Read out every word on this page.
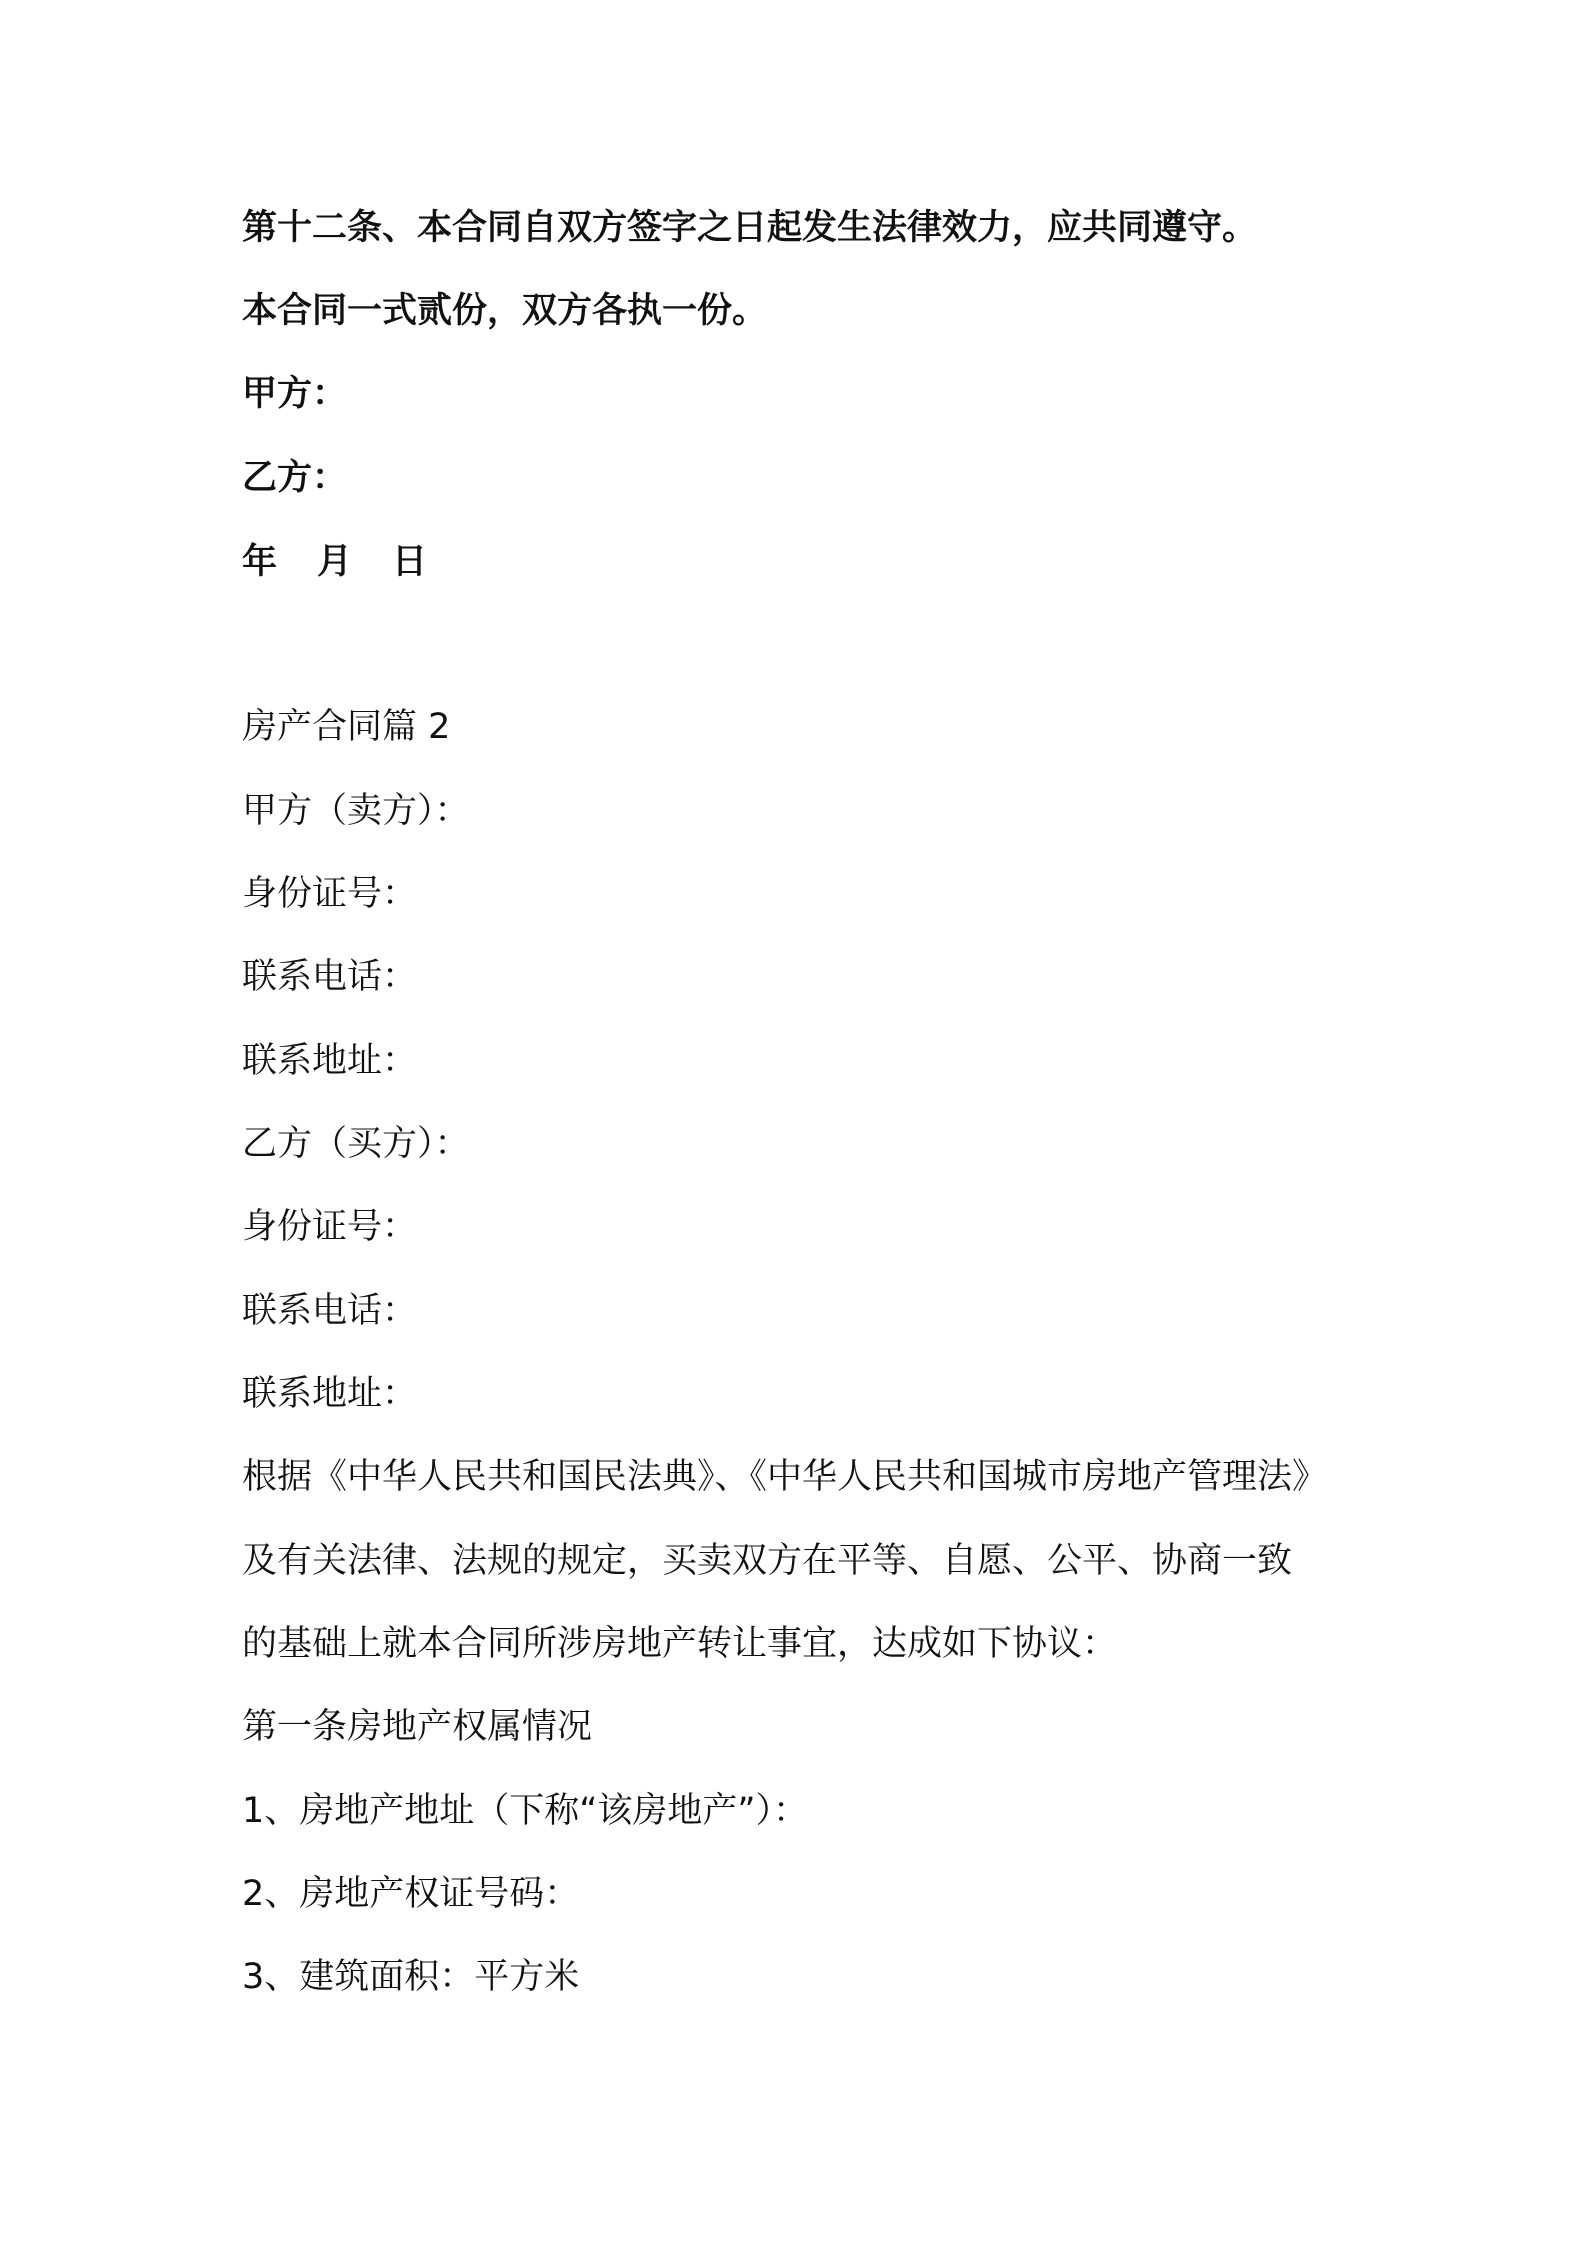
第十二条、本合同自双方签字之日起发生法律效力，应共同遵守。
本合同一式贰份，双方各执一份。
甲方：
乙方：
年 月 日
房产合同篇 2
甲方（卖方）：
身份证号：
联系电话：
联系地址：
乙方（买方）：
身份证号：
联系电话：
联系地址：
根据《中华人民共和国民法典》、《中华人民共和国城市房地产管理法》
及有关法律、法规的规定，买卖双方在平等、自愿、公平、协商一致
的基础上就本合同所涉房地产转让事宜，达成如下协议：
第一条房地产权属情况
1、房地产地址（下称“该房地产”）：
2、房地产权证号码：
3、建筑面积：平方米
